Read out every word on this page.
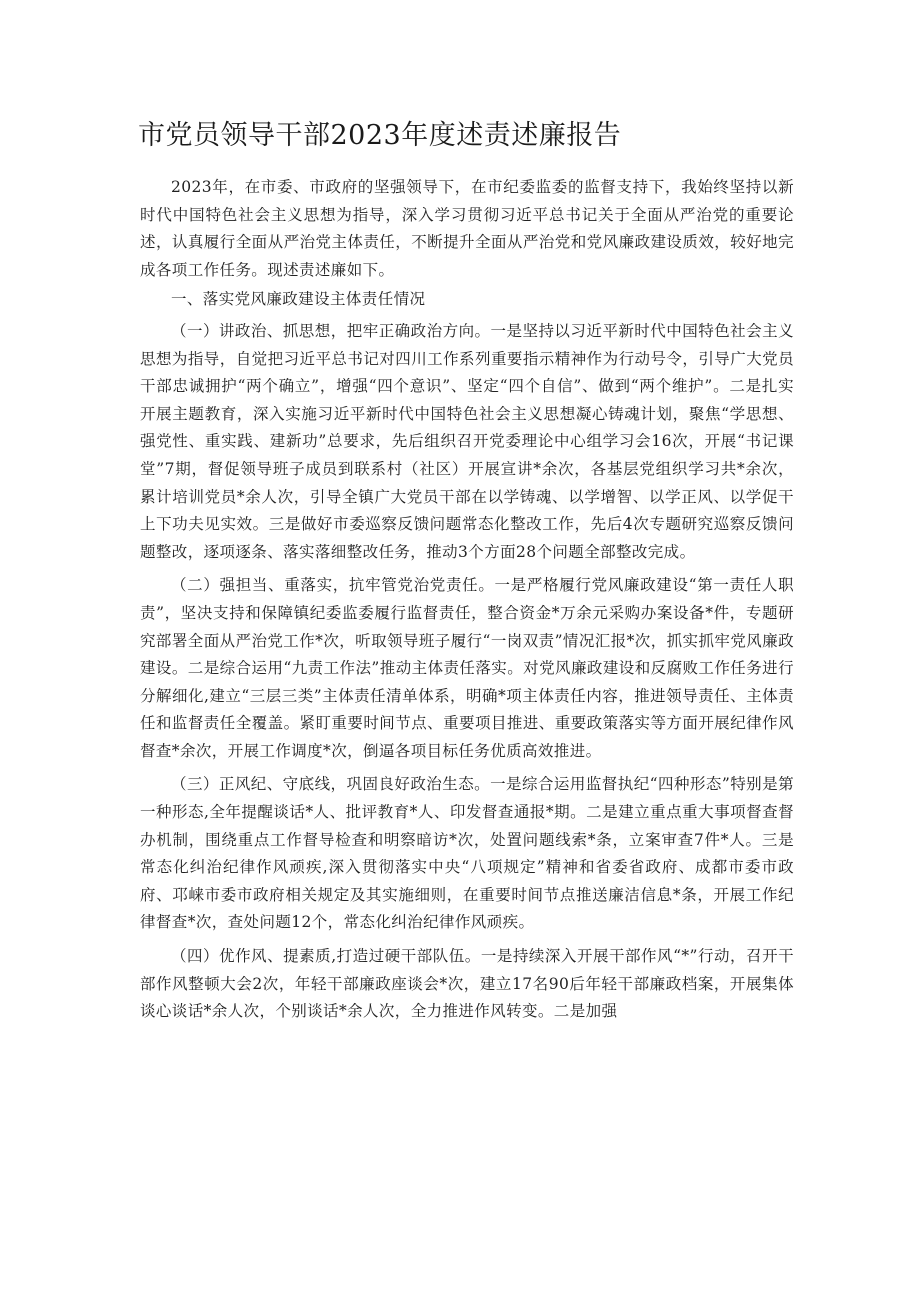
市党员领导干部2023年度述责述廉报告

2023年，在市委、市政府的坚强领导下，在市纪委监委的监督支持下，我始终坚持以新时代中国特色社会主义思想为指导，深入学习贯彻习近平总书记关于全面从严治党的重要论述，认真履行全面从严治党主体责任，不断提升全面从严治党和党风廉政建设质效，较好地完成各项工作任务。现述责述廉如下。

一、落实党风廉政建设主体责任情况

（一）讲政治、抓思想，把牢正确政治方向。一是坚持以习近平新时代中国特色社会主义思想为指导，自觉把习近平总书记对四川工作系列重要指示精神作为行动号令，引导广大党员干部忠诚拥护“两个确立”，增强“四个意识”、坚定“四个自信”、做到“两个维护”。二是扎实开展主题教育，深入实施习近平新时代中国特色社会主义思想凝心铸魂计划，聚焦“学思想、强党性、重实践、建新功”总要求，先后组织召开党委理论中心组学习会16次，开展“书记课堂”7期，督促领导班子成员到联系村（社区）开展宣讲*余次，各基层党组织学习共*余次，累计培训党员*余人次，引导全镇广大党员干部在以学铸魂、以学增智、以学正风、以学促干上下功夫见实效。三是做好市委巡察反馈问题常态化整改工作，先后4次专题研究巡察反馈问题整改，逐项逐条、落实落细整改任务，推动3个方面28个问题全部整改完成。

（二）强担当、重落实，抗牢管党治党责任。一是严格履行党风廉政建设“第一责任人职责”，坚决支持和保障镇纪委监委履行监督责任，整合资金*万余元采购办案设备*件，专题研究部署全面从严治党工作*次，听取领导班子履行“一岗双责”情况汇报*次，抓实抓牢党风廉政建设。二是综合运用“九责工作法”推动主体责任落实。对党风廉政建设和反腐败工作任务进行分解细化,建立“三层三类”主体责任清单体系，明确*项主体责任内容，推进领导责任、主体责任和监督责任全覆盖。紧盯重要时间节点、重要项目推进、重要政策落实等方面开展纪律作风督查*余次，开展工作调度*次，倒逼各项目标任务优质高效推进。

（三）正风纪、守底线，巩固良好政治生态。一是综合运用监督执纪“四种形态”特别是第一种形态,全年提醒谈话*人、批评教育*人、印发督查通报*期。二是建立重点重大事项督查督办机制，围绕重点工作督导检查和明察暗访*次，处置问题线索*条，立案审查7件*人。三是常态化纠治纪律作风顽疾,深入贯彻落实中央“八项规定”精神和省委省政府、成都市委市政府、邛崃市委市政府相关规定及其实施细则，在重要时间节点推送廉洁信息*条，开展工作纪律督查*次，查处问题12个，常态化纠治纪律作风顽疾。

（四）优作风、提素质,打造过硬干部队伍。一是持续深入开展干部作风“*”行动，召开干部作风整顿大会2次，年轻干部廉政座谈会*次，建立17名90后年轻干部廉政档案，开展集体谈心谈话*余人次，个别谈话*余人次，全力推进作风转变。二是加强
